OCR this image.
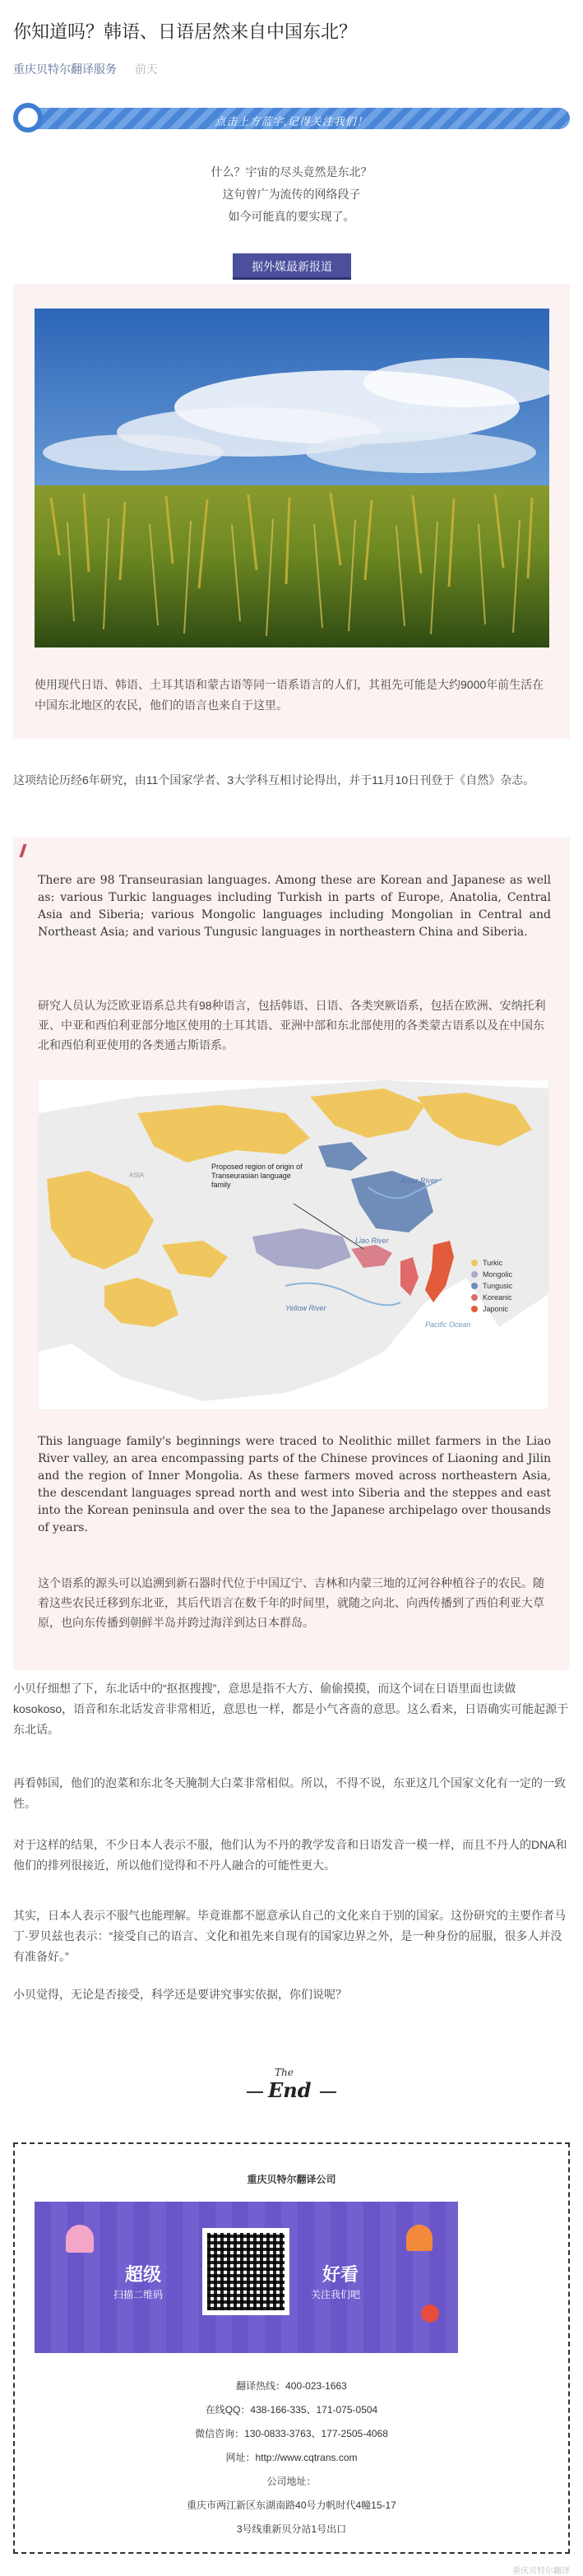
你知道吗？韩语、日语居然来自中国东北？
重庆贝特尔翻译服务 前天
点击上方蓝字,记得关注我们！
什么？宇宙的尽头竟然是东北？
这句曾广为流传的网络段子
如今可能真的要实现了。
据外媒最新报道
使用现代日语、韩语、土耳其语和蒙古语等同一语系语言的人们，其祖先可能是大约9000年前生活在中国东北地区的农民，他们的语言也来自于这里。
这项结论历经6年研究，由11个国家学者、3大学科互相讨论得出，并于11月10日刊登于《自然》杂志。
There are 98 Transeurasian languages. Among these are Korean and Japanese as well as: various Turkic languages including Turkish in parts of Europe, Anatolia, Central Asia and Siberia; various Mongolic languages including Mongolian in Central and Northeast Asia; and various Tungusic languages in northeastern China and Siberia.
研究人员认为泛欧亚语系总共有98种语言，包括韩语、日语、各类突厥语系，包括在欧洲、安纳托利亚、中亚和西伯利亚部分地区使用的土耳其语、亚洲中部和东北部使用的各类蒙古语系以及在中国东北和西伯利亚使用的各类通古斯语系。
ASIA
Proposed region of origin of Transeurasian language family	Amur River
Liao River
Yellow River
Pacific Ocean
Turkic
Mongolic
Tungusic
Koreanic
Japonic
This language family's beginnings were traced to Neolithic millet farmers in the Liao River valley, an area encompassing parts of the Chinese provinces of Liaoning and Jilin and the region of Inner Mongolia. As these farmers moved across northeastern Asia, the descendant languages spread north and west into Siberia and the steppes and east into the Korean peninsula and over the sea to the Japanese archipelago over thousands of years.
这个语系的源头可以追溯到新石器时代位于中国辽宁、吉林和内蒙三地的辽河谷种植谷子的农民。随着这些农民迁移到东北亚，其后代语言在数千年的时间里，就随之向北、向西传播到了西伯利亚大草原，也向东传播到朝鲜半岛并跨过海洋到达日本群岛。
小贝仔细想了下，东北话中的“抠抠搜搜”，意思是指不大方、偷偷摸摸，而这个词在日语里面也读做kosokoso，语音和东北话发音非常相近，意思也一样，都是小气吝啬的意思。这么看来，日语确实可能起源于东北话。
再看韩国，他们的泡菜和东北冬天腌制大白菜非常相似。所以，不得不说，东亚这几个国家文化有一定的一致性。
对于这样的结果，不少日本人表示不服，他们认为不丹的教学发音和日语发音一模一样，而且不丹人的DNA和他们的排列很接近，所以他们觉得和不丹人融合的可能性更大。
其实，日本人表示不服气也能理解。毕竟谁都不愿意承认自己的文化来自于别的国家。这份研究的主要作者马丁·罗贝兹也表示：“接受自己的语言、文化和祖先来自现有的国家边界之外，是一种身份的屈服，很多人并没有准备好。”
小贝觉得，无论是否接受，科学还是要讲究事实依据，你们说呢？
The
End
重庆贝特尔翻译公司
超级
扫描二维码
好看
关注我们吧
翻译热线：400-023-1663
在线QQ：438-166-335、171-075-0504
微信咨询：130-0833-3763、177-2505-4068
网址：http://www.cqtrans.com
公司地址：
重庆市两江新区东湖南路40号力帆时代4幢15-17
3号线重新贝分站1号出口
重庆贝特尔翻译
